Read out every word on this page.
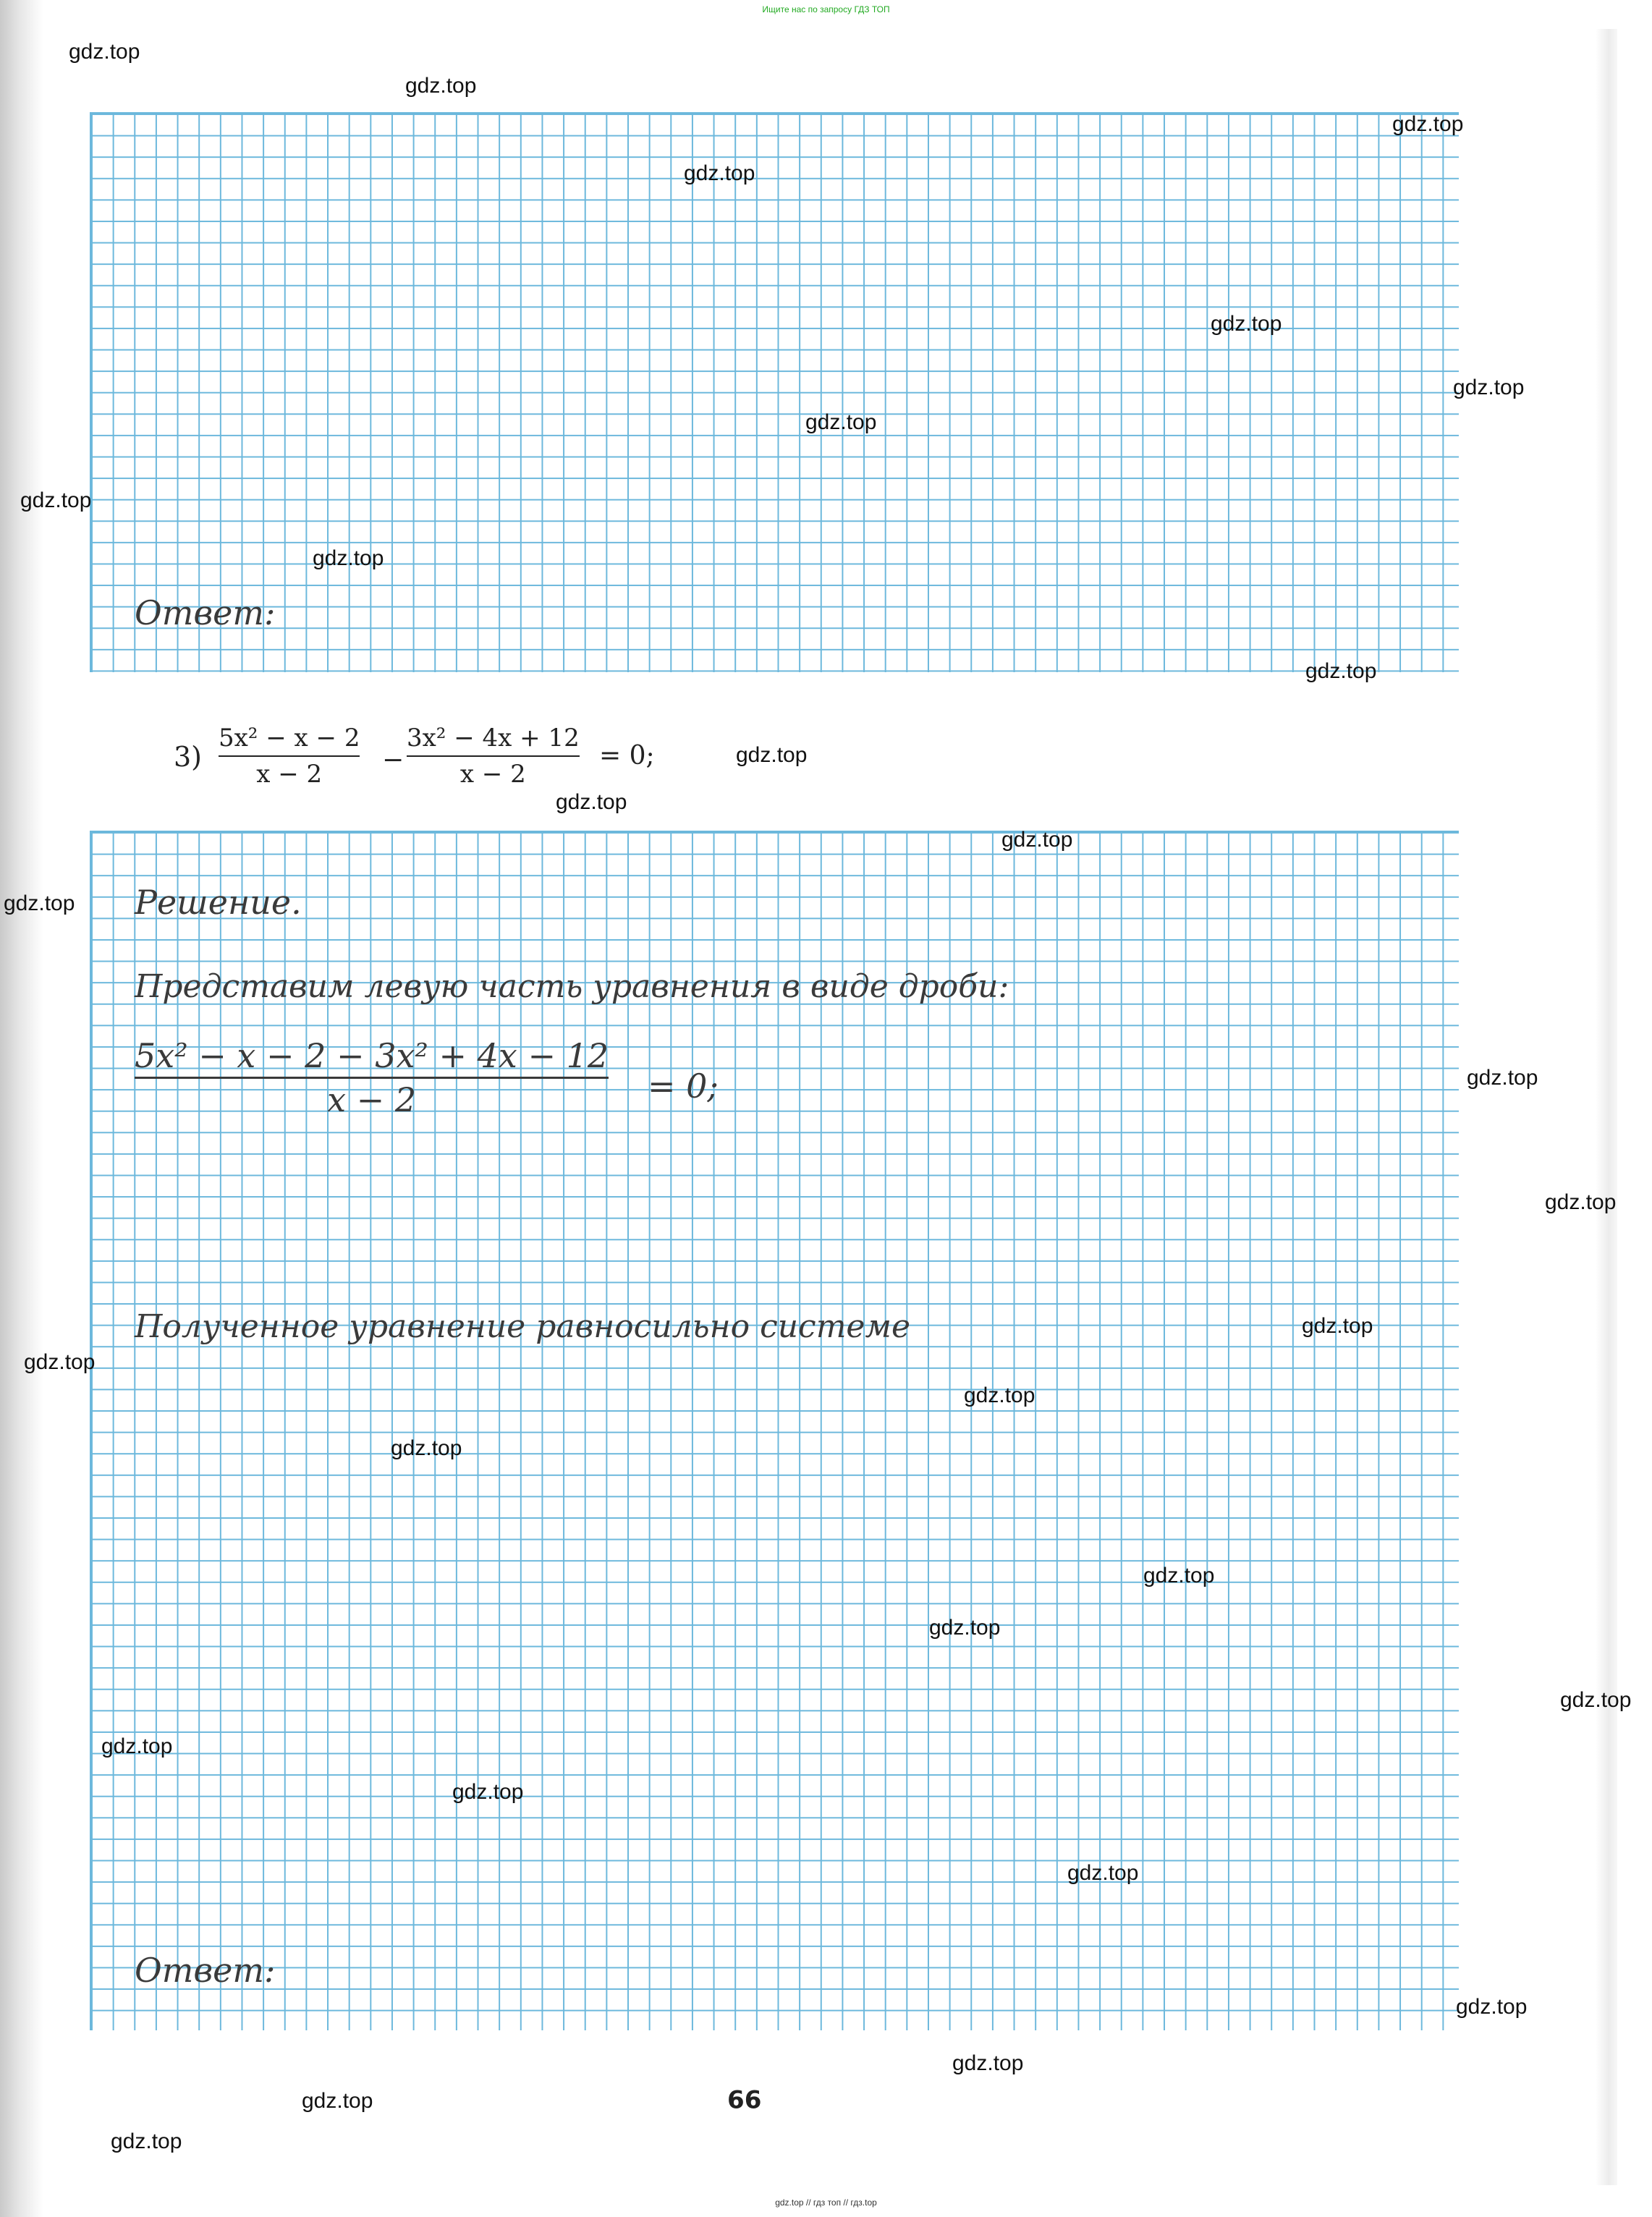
Ищите нас по запросу ГДЗ ТОП
Ответ:
3)
5x² − x − 2
x − 2 −
3x² − 4x + 12
x − 2
= 0;
Решение.
Представим левую часть уравнения в виде дроби:
5x² − x − 2 − 3x² + 4x − 12
x − 2	= 0;
Полученное уравнение равносильно системе
Ответ:
99
gdz.top
gdz.top
gdz.top
gdz.top
gdz.top
gdz.top
gdz.top
gdz.top
gdz.top
gdz.top
gdz.top
gdz.top
gdz.top
gdz.top
gdz.top
gdz.top
gdz.top
gdz.top
gdz.top
gdz.top
gdz.top
gdz.top
gdz.top
gdz.top
gdz.top
gdz.top
gdz.top
gdz.top
gdz.top
gdz.top
gdz.top // гдз топ // гдз.top
